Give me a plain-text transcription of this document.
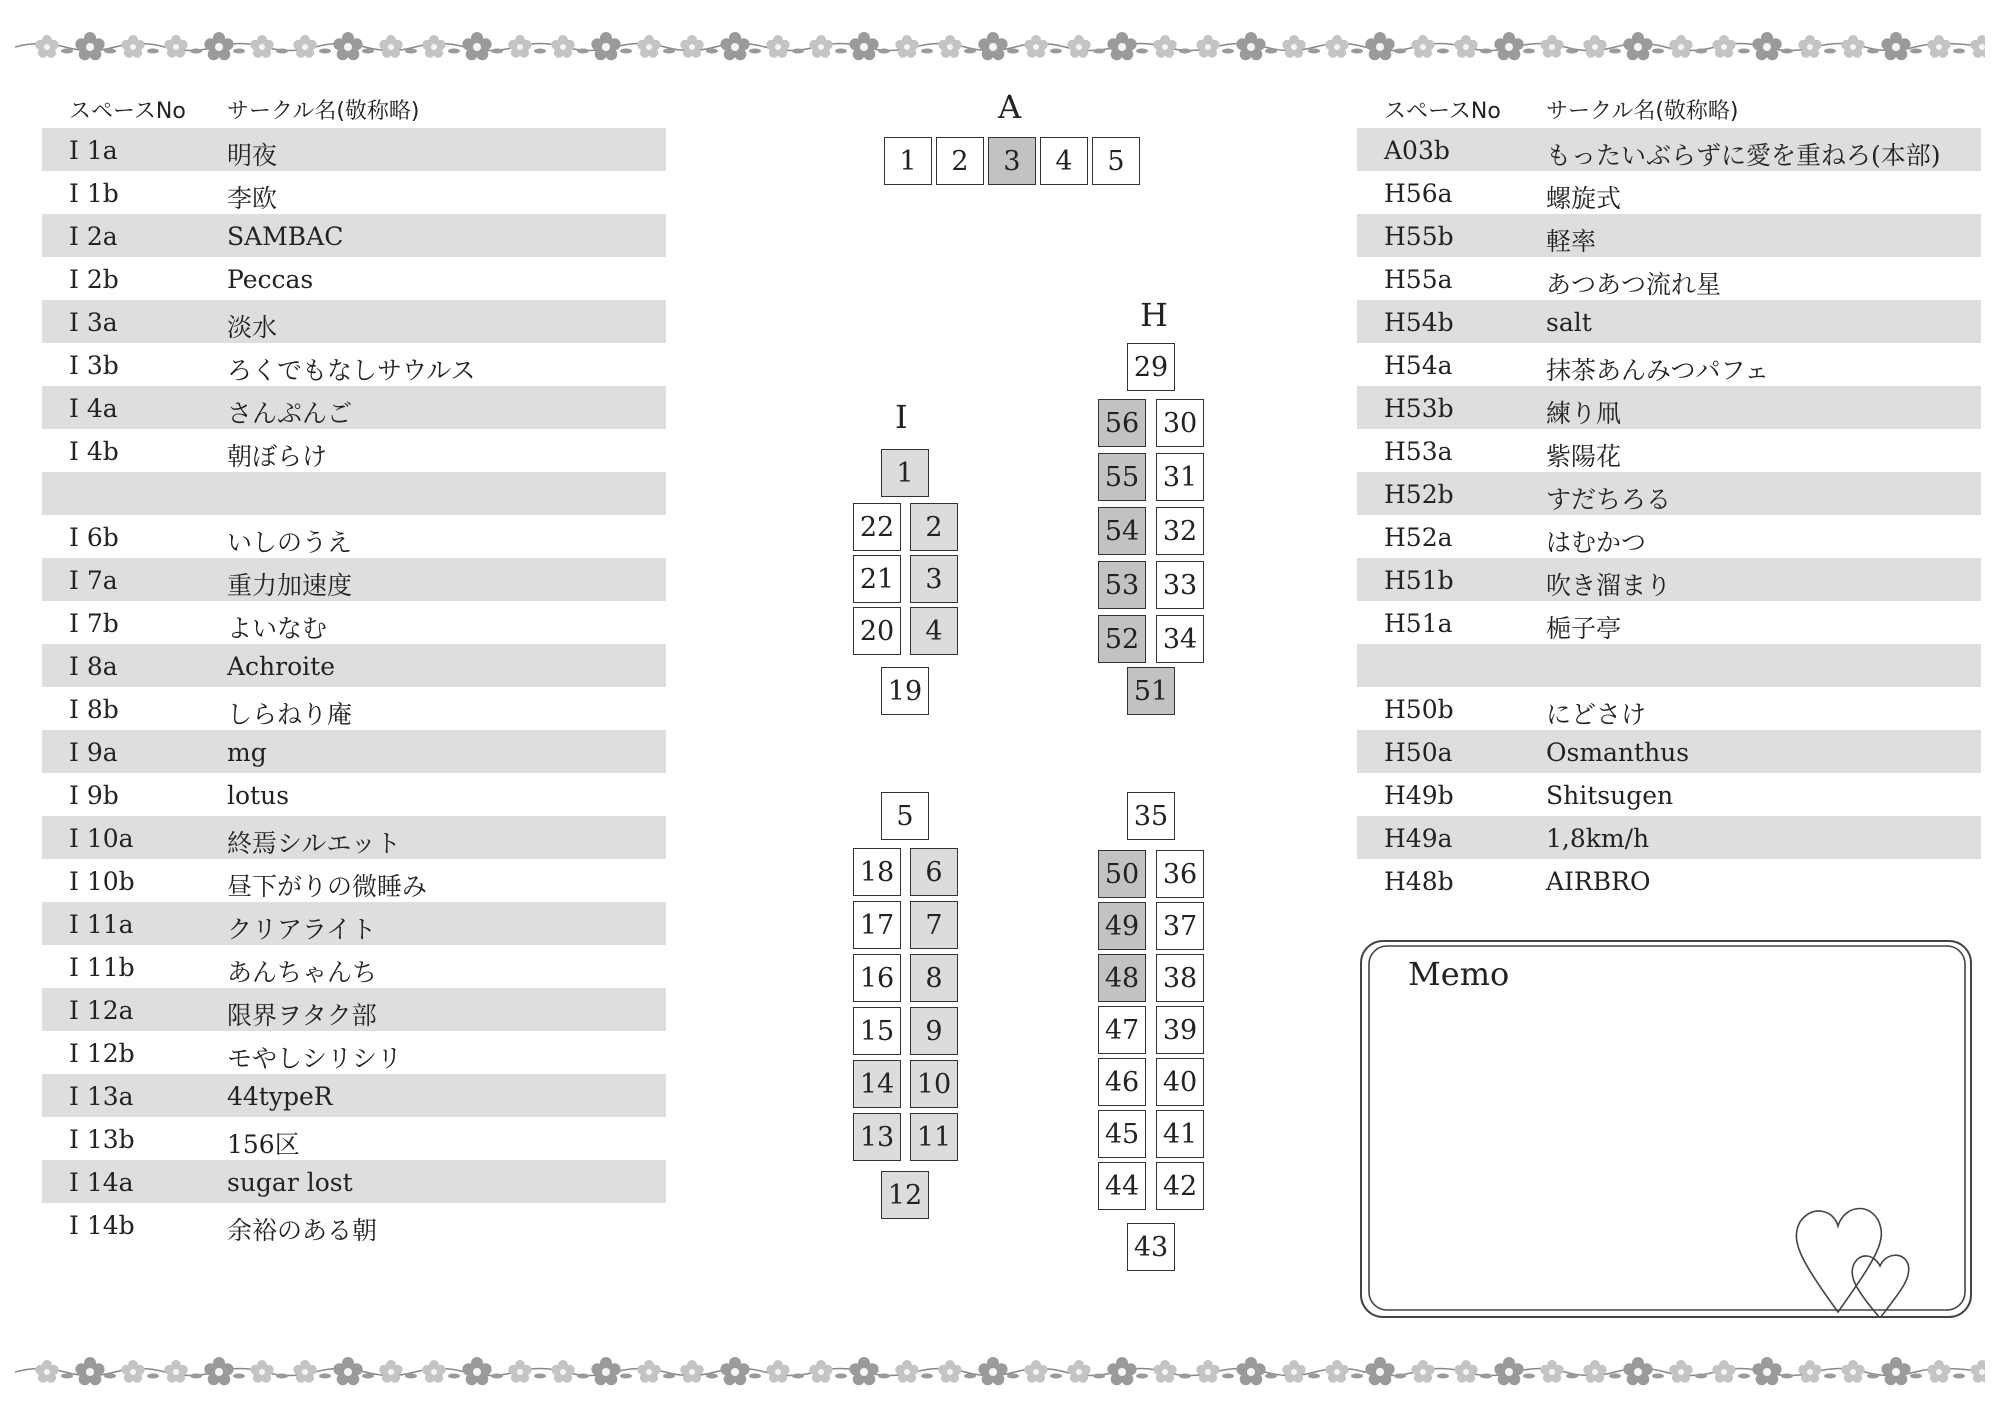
スペースNo サークル名(敬称略)
I 1a	明夜
I 1b	李欧
I 2a	SAMBAC
I 2b	Peccas
I 3a	淡水
I 3b	ろくでもなしサウルス
I 4a	さんぷんご
I 4b	朝ぼらけ
I 6b	いしのうえ
I 7a	重力加速度
I 7b	よいなむ
I 8a	Achroite
I 8b	しらねり庵
I 9a	mg
I 9b	lotus
I 10a	終焉シルエット
I 10b	昼下がりの微睡み
I 11a	クリアライト
I 11b	あんちゃんち
I 12a	限界ヲタク部
I 12b	モやしシリシリ
I 13a	44typeR
I 13b	156区
I 14a	sugar lost
I 14b	余裕のある朝
スペースNo サークル名(敬称略)
A03b	もったいぶらずに愛を重ねろ(本部)
H56a	螺旋式
H55b	軽率
H55a	あつあつ流れ星
H54b	salt
H54a	抹茶あんみつパフェ
H53b	練り凧
H53a	紫陽花
H52b	すだちろる
H52a	はむかつ
H51b	吹き溜まり
H51a	梔子亭
H50b	にどさけ
H50a	Osmanthus
H49b	Shitsugen
H49a	1,8km/h
H48b	AIRBRO
A
H
I
1	2	3	4	5
1
22
21
20
2
3
4
19
5
18
17
16
15
14
13
6
7
8
9
10
11
12
29
56
55
54
53
52
30
31
32
33
34
51
35
50
49
48
47
46
45
44
36
37
38
39
40
41
42
43
Memo
